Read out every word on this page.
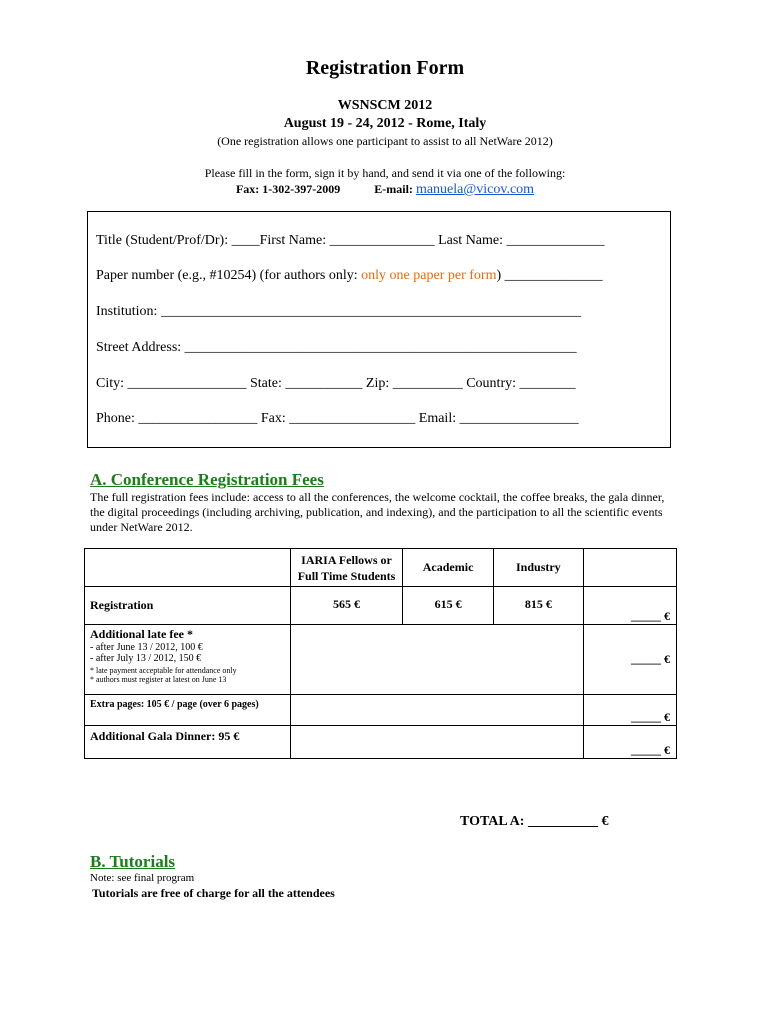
Registration Form
WSNSCM 2012
August 19 - 24, 2012 - Rome, Italy
(One registration allows one participant to assist to all NetWare 2012)
Please fill in the form, sign it by hand, and send it via one of the following:
Fax: 1-302-397-2009	E-mail: manuela@vicov.com
Title (Student/Prof/Dr): ____First Name: _______________ Last Name: ______________
Paper number (e.g., #10254) (for authors only: only one paper per form) ______________
Institution: ____________________________________________________________
Street Address: ________________________________________________________
City: _________________ State: ___________ Zip: __________ Country: ________
Phone: _________________ Fax: __________________ Email: _________________
A. Conference Registration Fees
The full registration fees include: access to all the conferences, the welcome cocktail, the coffee breaks, the gala dinner, the digital proceedings (including archiving, publication, and indexing), and the participation to all the scientific events under NetWare 2012.

	IARIA Fellows or
Full Time Students	Academic	Industry	
Registration	565 €	615 €	815 €	_____ €

Additional late fee *
- after June 13 / 2012, 100 €
- after July 13 / 2012, 150 €
* late payment acceptable for attendance only
* authors must register at latest on June 13				_____ €
Extra pages: 105 € / page (over 6 pages)				_____ €
Additional Gala Dinner: 95 €				_____ €
TOTAL A: __________ €
B. Tutorials
Note: see final program
Tutorials are free of charge for all the attendees
